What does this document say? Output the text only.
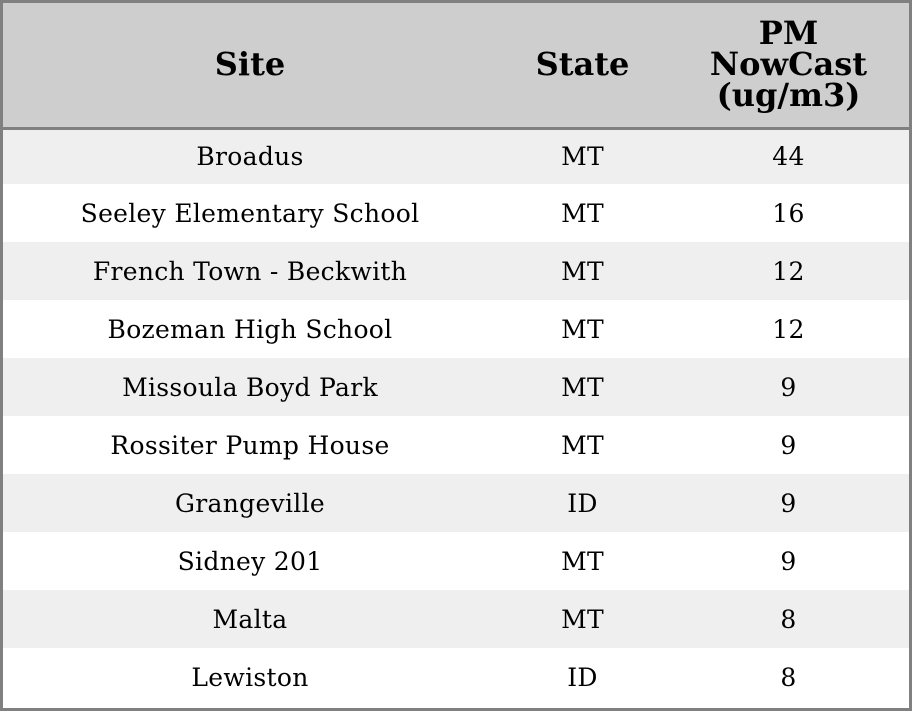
Site	State	PM
NowCast
(ug/m3)
Broadus	MT	44
Seeley Elementary School	MT	16
French Town - Beckwith	MT	12
Bozeman High School	MT	12
Missoula Boyd Park	MT	9
Rossiter Pump House	MT	9
Grangeville	ID	9
Sidney 201	MT	9
Malta	MT	8
Lewiston	ID	8
